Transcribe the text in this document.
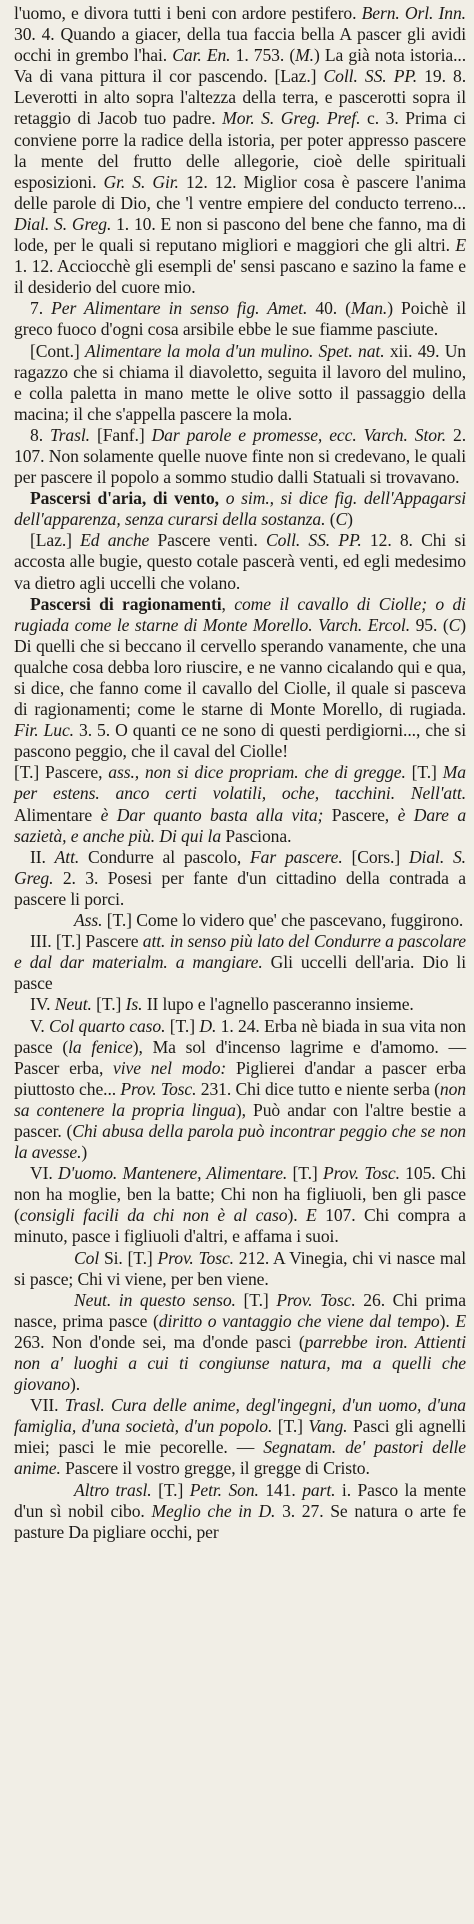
l'uomo, e divora tutti i beni con ardore pestifero. Bern. Orl. Inn. 30. 4. Quando a giacer, della tua faccia bella A pascer gli avidi occhi in grembo l'hai. Car. En. 1. 753. (M.) La già nota istoria... Va di vana pittura il cor pascendo. [Laz.] Coll. SS. PP. 19. 8. Leverotti in alto sopra l'altezza della terra, e pascerotti sopra il retaggio di Jacob tuo padre. Mor. S. Greg. Pref. c. 3. Prima ci conviene porre la radice della istoria, per poter appresso pascere la mente del frutto delle allegorie, cioè delle spirituali esposizioni. Gr. S. Gir. 12. 12. Miglior cosa è pascere l'anima delle parole di Dio, che 'l ventre empiere del conducto terreno... Dial. S. Greg. 1. 10. E non si pascono del bene che fanno, ma di lode, per le quali si reputano migliori e maggiori che gli altri. E 1. 12. Acciocchè gli esempli de' sensi pascano e sazino la fame e il desiderio del cuore mio.

7. Per Alimentare in senso fig. Amet. 40. (Man.) Poichè il greco fuoco d'ogni cosa arsibile ebbe le sue fiamme pasciute.

[Cont.] Alimentare la mola d'un mulino. Spet. nat. xii. 49. Un ragazzo che si chiama il diavoletto, seguita il lavoro del mulino, e colla paletta in mano mette le olive sotto il passaggio della macina; il che s'appella pascere la mola.

8. Trasl. [Fanf.] Dar parole e promesse, ecc. Varch. Stor. 2. 107. Non solamente quelle nuove finte non si credevano, le quali per pascere il popolo a sommo studio dalli Statuali si trovavano.

Pascersi d'aria, di vento, o sim., si dice fig. dell'Appagarsi dell'apparenza, senza curarsi della sostanza. (C)

[Laz.] Ed anche Pascere venti. Coll. SS. PP. 12. 8. Chi si accosta alle bugie, questo cotale pascerà venti, ed egli medesimo va dietro agli uccelli che volano.

Pascersi di ragionamenti, come il cavallo di Ciolle; o di rugiada come le starne di Monte Morello. Varch. Ercol. 95. (C) Di quelli che si beccano il cervello sperando vanamente, che una qualche cosa debba loro riuscire, e ne vanno cicalando qui e qua, si dice, che fanno come il cavallo del Ciolle, il quale si pasceva di ragionamenti; come le starne di Monte Morello, di rugiada. Fir. Luc. 3. 5. O quanti ce ne sono di questi perdigiorni..., che si pascono peggio, che il caval del Ciolle!

[T.] Pascere, ass., non si dice propriam. che di gregge. [T.] Ma per estens. anco certi volatili, oche, tacchini. Nell'att. Alimentare è Dar quanto basta alla vita; Pascere, è Dare a sazietà, e anche più. Di qui la Pasciona.

II. Att. Condurre al pascolo, Far pascere. [Cors.] Dial. S. Greg. 2. 3. Posesi per fante d'un cittadino della contrada a pascere li porci.

Ass. [T.] Come lo videro que' che pascevano, fuggirono.

III. [T.] Pascere att. in senso più lato del Condurre a pascolare e dal dar materialm. a mangiare. Gli uccelli dell'aria. Dio li pasce

IV. Neut. [T.] Is. II lupo e l'agnello pasceranno insieme.

V. Col quarto caso. [T.] D. 1. 24. Erba nè biada in sua vita non pasce (la fenice), Ma sol d'incenso lagrime e d'amomo. — Pascer erba, vive nel modo: Piglierei d'andar a pascer erba piuttosto che... Prov. Tosc. 231. Chi dice tutto e niente serba (non sa contenere la propria lingua), Può andar con l'altre bestie a pascer. (Chi abusa della parola può incontrar peggio che se non la avesse.)

VI. D'uomo. Mantenere, Alimentare. [T.] Prov. Tosc. 105. Chi non ha moglie, ben la batte; Chi non ha figliuoli, ben gli pasce (consigli facili da chi non è al caso). E 107. Chi compra a minuto, pasce i figliuoli d'altri, e affama i suoi.

Col Si. [T.] Prov. Tosc. 212. A Vinegia, chi vi nasce mal si pasce; Chi vi viene, per ben viene.

Neut. in questo senso. [T.] Prov. Tosc. 26. Chi prima nasce, prima pasce (diritto o vantaggio che viene dal tempo). E 263. Non d'onde sei, ma d'onde pasci (parrebbe iron. Attienti non a' luoghi a cui ti congiunse natura, ma a quelli che giovano).

VII. Trasl. Cura delle anime, degl'ingegni, d'un uomo, d'una famiglia, d'una società, d'un popolo. [T.] Vang. Pasci gli agnelli miei; pasci le mie pecorelle. — Segnatam. de' pastori delle anime. Pascere il vostro gregge, il gregge di Cristo.

Altro trasl. [T.] Petr. Son. 141. part. i. Pasco la mente d'un sì nobil cibo. Meglio che in D. 3. 27. Se natura o arte fe pasture Da pigliare occhi, per
